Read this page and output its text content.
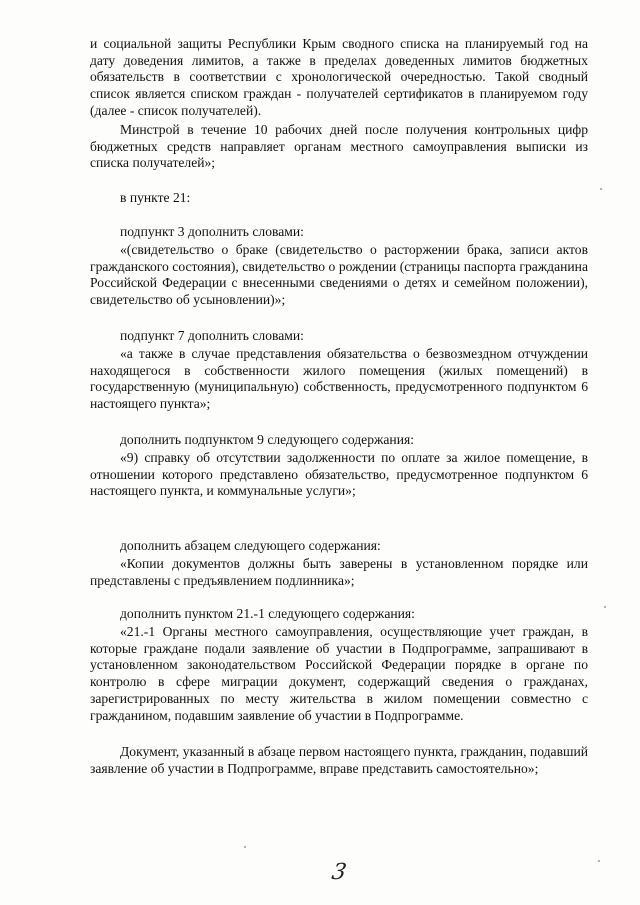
и социальной защиты Республики Крым сводного списка на планируемый год на дату доведения лимитов, а также в пределах доведенных лимитов бюджетных обязательств в соответствии с хронологической очередностью. Такой сводный список является списком граждан - получателей сертификатов в планируемом году (далее - список получателей).

Минстрой в течение 10 рабочих дней после получения контрольных цифр бюджетных средств направляет органам местного самоуправления выписки из списка получателей»;

в пункте 21:

подпункт 3 дополнить словами:

«(свидетельство о браке (свидетельство о расторжении брака, записи актов гражданского состояния), свидетельство о рождении (страницы паспорта гражданина Российской Федерации с внесенными сведениями о детях и семейном положении), свидетельство об усыновлении)»;

подпункт 7 дополнить словами:

«а также в случае представления обязательства о безвозмездном отчуждении находящегося в собственности жилого помещения (жилых помещений) в государственную (муниципальную) собственность, предусмотренного подпунктом 6 настоящего пункта»;

дополнить подпунктом 9 следующего содержания:

«9) справку об отсутствии задолженности по оплате за жилое помещение, в отношении которого представлено обязательство, предусмотренное подпунктом 6 настоящего пункта, и коммунальные услуги»;

дополнить абзацем следующего содержания:

«Копии документов должны быть заверены в установленном порядке или представлены с предъявлением подлинника»;

дополнить пунктом 21.-1 следующего содержания:

«21.-1 Органы местного самоуправления, осуществляющие учет граждан, в которые граждане подали заявление об участии в Подпрограмме, запрашивают в установленном законодательством Российской Федерации порядке в органе по контролю в сфере миграции документ, содержащий сведения о гражданах, зарегистрированных по месту жительства в жилом помещении совместно с гражданином, подавшим заявление об участии в Подпрограмме.

Документ, указанный в абзаце первом настоящего пункта, гражданин, подавший заявление об участии в Подпрограмме, вправе представить самостоятельно»;

3
